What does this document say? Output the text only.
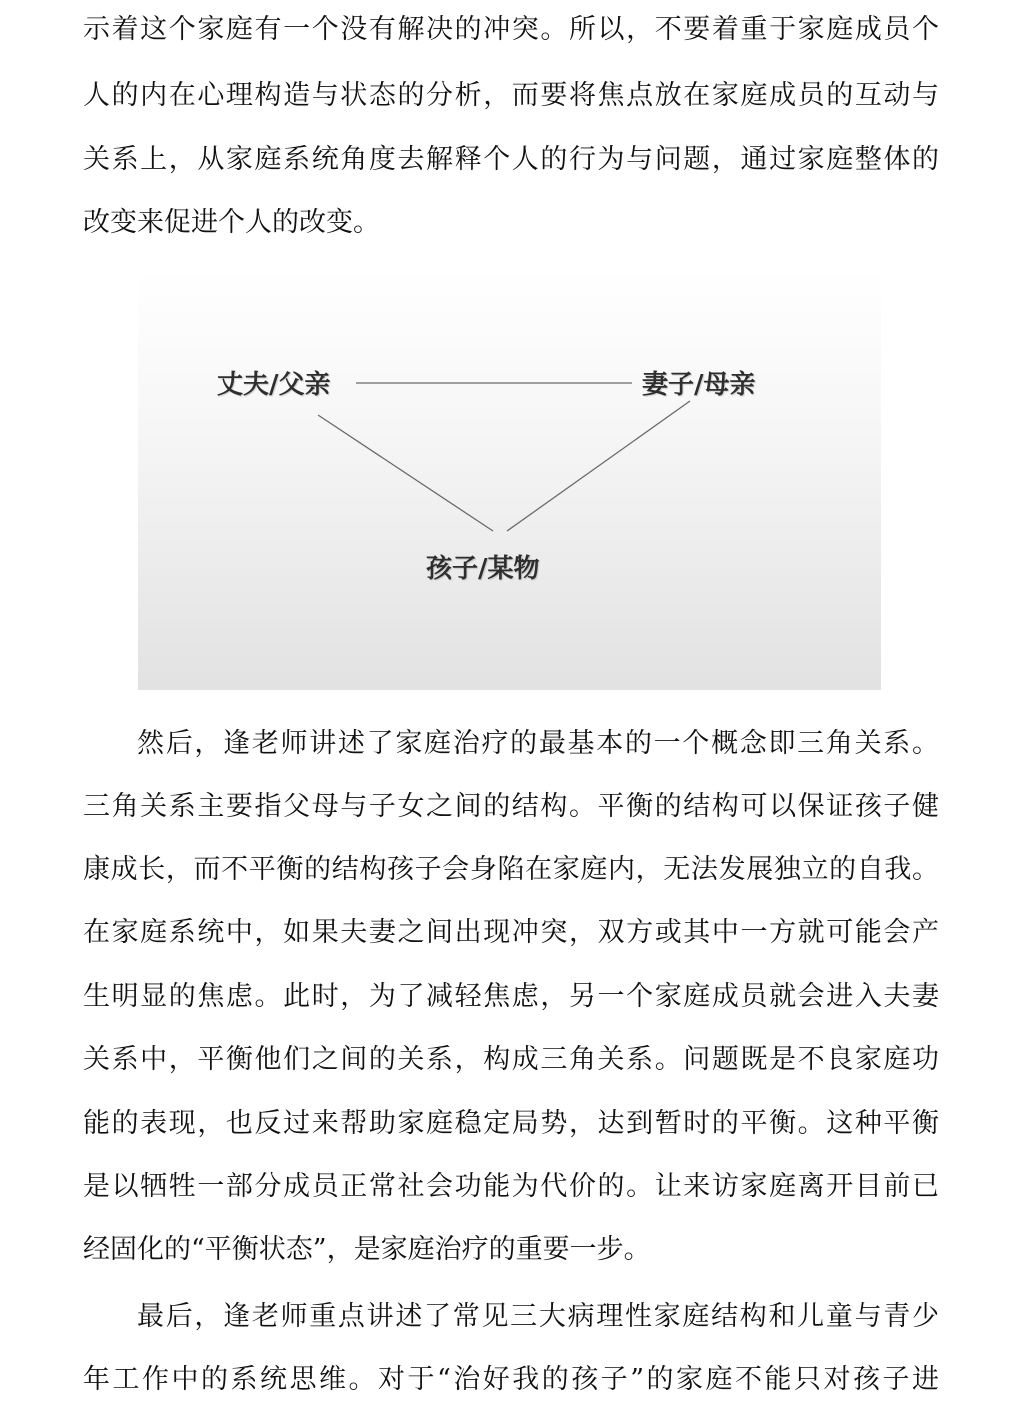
示着这个家庭有一个没有解决的冲突。所以，不要着重于家庭成员个
人的内在心理构造与状态的分析，而要将焦点放在家庭成员的互动与
关系上，从家庭系统角度去解释个人的行为与问题，通过家庭整体的
改变来促进个人的改变。
丈夫/父亲	妻子/母亲
孩子/某物
然后，逢老师讲述了家庭治疗的最基本的一个概念即三角关系。
三角关系主要指父母与子女之间的结构。平衡的结构可以保证孩子健
康成长，而不平衡的结构孩子会身陷在家庭内，无法发展独立的自我。
在家庭系统中，如果夫妻之间出现冲突，双方或其中一方就可能会产
生明显的焦虑。此时，为了减轻焦虑，另一个家庭成员就会进入夫妻
关系中，平衡他们之间的关系，构成三角关系。问题既是不良家庭功
能的表现，也反过来帮助家庭稳定局势，达到暂时的平衡。这种平衡
是以牺牲一部分成员正常社会功能为代价的。让来访家庭离开目前已
经固化的“平衡状态”，是家庭治疗的重要一步。
最后，逢老师重点讲述了常见三大病理性家庭结构和儿童与青少
年工作中的系统思维。对于“治好我的孩子”的家庭不能只对孩子进
